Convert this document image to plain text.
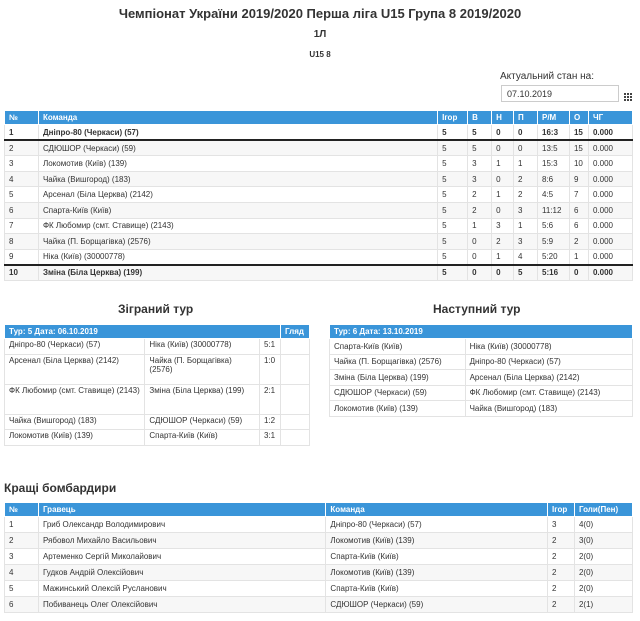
Чемпіонат України 2019/2020 Перша ліга U15 Група 8 2019/2020
1Л
U15 8
Актуальний стан на:
07.10.2019
№	Команда	Ігор	В	Н	П	Р/М	О	ЧГ
1	Дніпро-80 (Черкаси) (57)	5	5	0	0	16:3	15	0.000
2	СДЮШОР (Черкаси) (59)	5	5	0	0	13:5	15	0.000
3	Локомотив (Київ) (139)	5	3	1	1	15:3	10	0.000
4	Чайка (Вишгород) (183)	5	3	0	2	8:6	9	0.000
5	Арсенал (Біла Церква) (2142)	5	2	1	2	4:5	7	0.000
6	Спарта-Київ (Київ)	5	2	0	3	11:12	6	0.000
7	ФК Любомир (смт. Ставище) (2143)	5	1	3	1	5:6	6	0.000
8	Чайка (П. Борщагівка) (2576)	5	0	2	3	5:9	2	0.000
9	Ніка (Київ) (30000778)	5	0	1	4	5:20	1	0.000
10	Зміна (Біла Церква) (199)	5	0	0	5	5:16	0	0.000
Зіграний тур
Тур: 5 Дата: 06.10.2019			Гляд
Дніпро-80 (Черкаси) (57)	Ніка (Київ) (30000778)	5:1	
Арсенал (Біла Церква) (2142)	Чайка (П. Борщагівка) (2576)	1:0	
ФК Любомир (смт. Ставище) (2143)	Зміна (Біла Церква) (199)	2:1	
Чайка (Вишгород) (183)	СДЮШОР (Черкаси) (59)	1:2	
Локомотив (Київ) (139)	Спарта-Київ (Київ)	3:1	
Наступний тур
Тур: 6 Дата: 13.10.2019	
Спарта-Київ (Київ)	Ніка (Київ) (30000778)
Чайка (П. Борщагівка) (2576)	Дніпро-80 (Черкаси) (57)
Зміна (Біла Церква) (199)	Арсенал (Біла Церква) (2142)
СДЮШОР (Черкаси) (59)	ФК Любомир (смт. Ставище) (2143)
Локомотив (Київ) (139)	Чайка (Вишгород) (183)
Кращі бомбардири
№	Гравець	Команда	Ігор	Голи(Пен)
1	Гриб Олександр Володимирович	Дніпро-80 (Черкаси) (57)	3	4(0)
2	Рябовол Михайло Васильович	Локомотив (Київ) (139)	2	3(0)
3	Артеменко Сергій Миколайович	Спарта-Київ (Київ)	2	2(0)
4	Гудков Андрій Олексійович	Локомотив (Київ) (139)	2	2(0)
5	Мажинський Олексій Русланович	Спарта-Київ (Київ)	2	2(0)
6	Побиванець Олег Олексійович	СДЮШОР (Черкаси) (59)	2	2(1)
